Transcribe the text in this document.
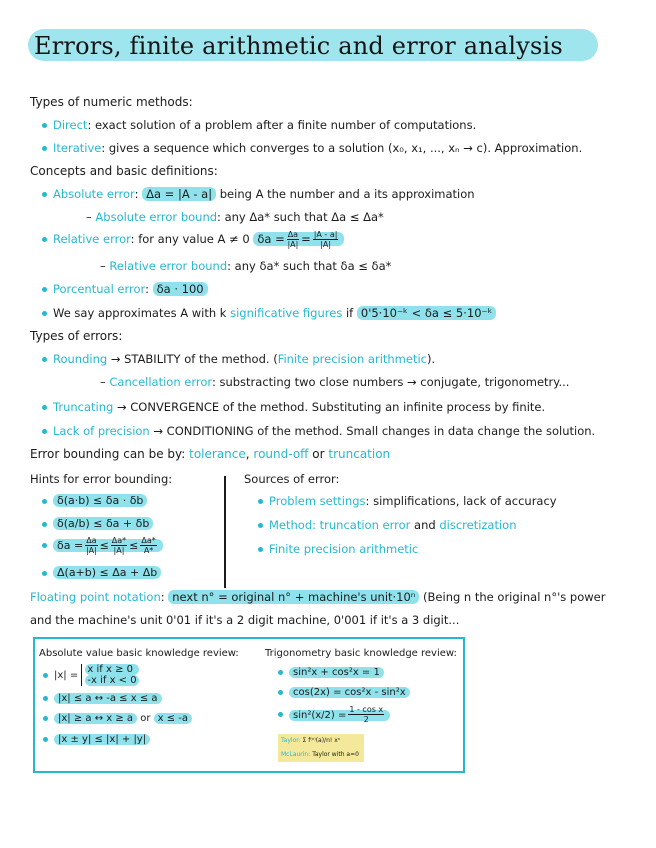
Errors, finite arithmetic and error analysis
Types of numeric methods:
Direct: exact solution of a problem after a finite number of computations.
Iterative: gives a sequence which converges to a solution (x₀, x₁, ..., xₙ → c). Approximation.
Concepts and basic definitions:
Absolute error: Δa = |A - a| being A the number and a its approximation
– Absolute error bound: any Δa* such that Δa ≤ Δa*
Relative error: for any value A ≠ 0 $\delta a = \frac{\Delta a}{|A|} = \frac{|A - a|}{|A|}$
– Relative error bound: any δa* such that δa ≤ δa*
Porcentual error: δa · 100
We say approximates A with k significative figures if 0'5·10⁻ᵏ < δa ≤ 5·10⁻ᵏ
Types of errors:
Rounding → STABILITY of the method. (Finite precision arithmetic).
– Cancellation error: substracting two close numbers → conjugate, trigonometry...
Truncating → CONVERGENCE of the method. Substituting an infinite process by finite.
Lack of precision → CONDITIONING of the method. Small changes in data change the solution.
Error bounding can be by: tolerance, round-off or truncation
Hints for error bounding:
δ(a·b) ≤ δa · δb
δ(a/b) ≤ δa + δb
$\delta a = \frac{\Delta a}{|A|} \le \frac{\Delta a*}{|A|} \le \frac{\Delta a*}{A*}$
Δ(a+b) ≤ Δa + Δb
Sources of error:
Problem settings: simplifications, lack of accuracy
Method: truncation error and discretization
Finite precision arithmetic
Floating point notation: next n° = original n° + machine's unit·10ⁿ (Being n the original n°'s power
and the machine's unit 0'01 if it's a 2 digit machine, 0'001 if it's a 3 digit...
Absolute value basic knowledge review:
|x| =
x if x ≥ 0
-x if x < 0
|x| ≤ a ↔ -a ≤ x ≤ a
|x| ≥ a ↔ x ≥ a or x ≤ -a
|x ± y| ≤ |x| + |y|
Trigonometry basic knowledge review:
sin²x + cos²x = 1
cos(2x) = cos²x - sin²x
$\sin^2(x/2) = \frac{\text{1 - cos x}}{2}$
Taylor: Σ f⁽ⁿ⁾(a)/n! xⁿ
McLaurin: Taylor with a=0
